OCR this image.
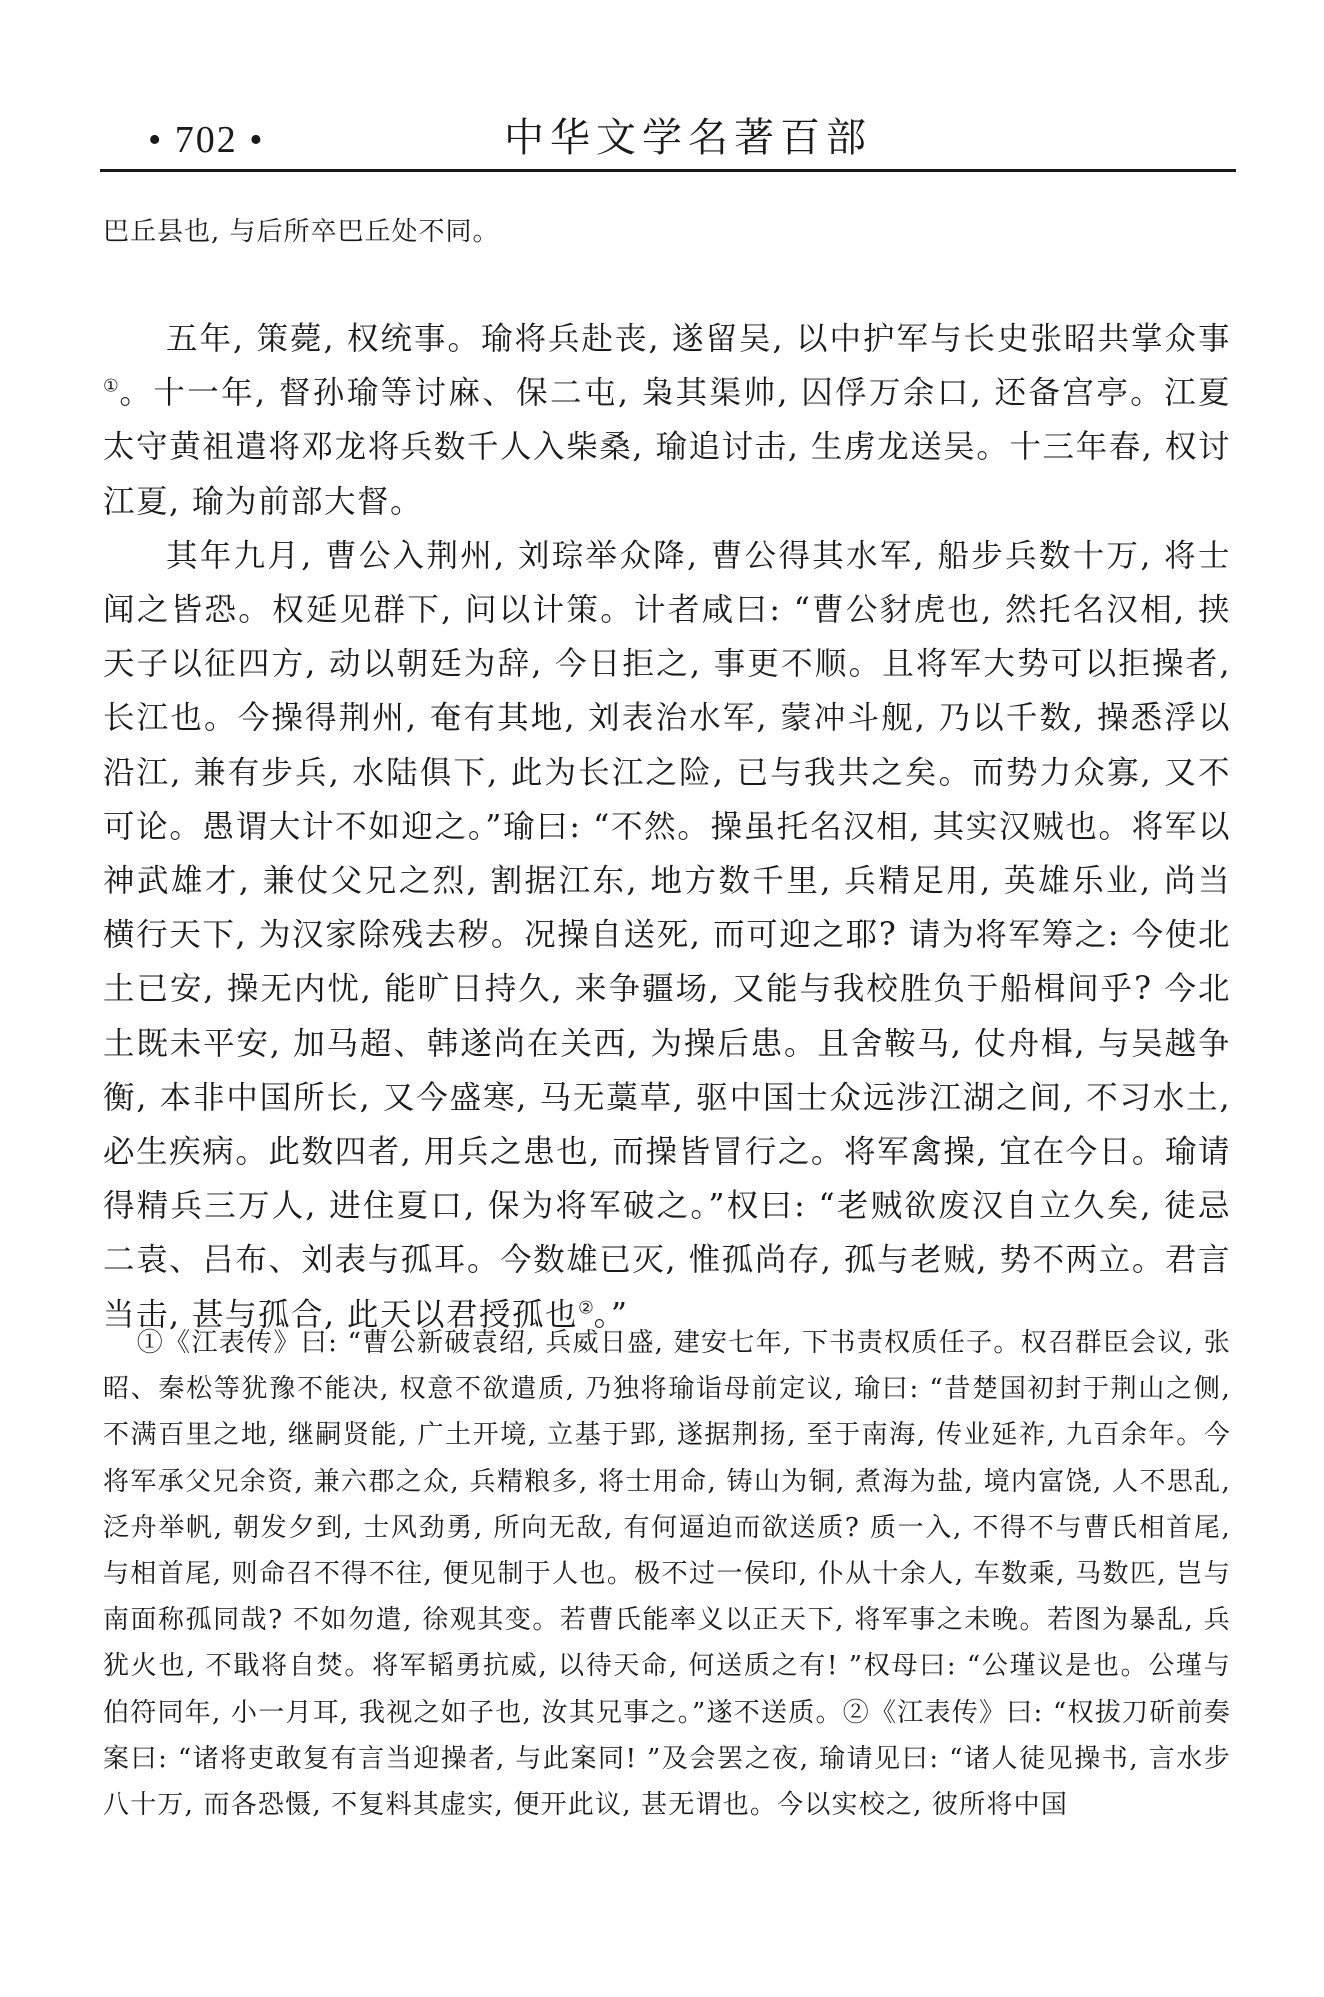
• 702 •	中华文学名著百部
巴丘县也, 与后所卒巴丘处不同。

五年, 策薨, 权统事。瑜将兵赴丧, 遂留吴, 以中护军与长史张昭共掌众事①。十一年, 督孙瑜等讨麻、保二屯, 枭其渠帅, 囚俘万余口, 还备宫亭。江夏太守黄祖遣将邓龙将兵数千人入柴桑, 瑜追讨击, 生虏龙送吴。十三年春, 权讨江夏, 瑜为前部大督。

其年九月, 曹公入荆州, 刘琮举众降, 曹公得其水军, 船步兵数十万, 将士闻之皆恐。权延见群下, 问以计策。计者咸曰: “曹公豺虎也, 然托名汉相, 挟天子以征四方, 动以朝廷为辞, 今日拒之, 事更不顺。且将军大势可以拒操者, 长江也。今操得荆州, 奄有其地, 刘表治水军, 蒙冲斗舰, 乃以千数, 操悉浮以沿江, 兼有步兵, 水陆俱下, 此为长江之险, 已与我共之矣。而势力众寡, 又不可论。愚谓大计不如迎之。”瑜曰: “不然。操虽托名汉相, 其实汉贼也。将军以神武雄才, 兼仗父兄之烈, 割据江东, 地方数千里, 兵精足用, 英雄乐业, 尚当横行天下, 为汉家除残去秽。况操自送死, 而可迎之耶? 请为将军筹之: 今使北土已安, 操无内忧, 能旷日持久, 来争疆场, 又能与我校胜负于船楫间乎? 今北土既未平安, 加马超、韩遂尚在关西, 为操后患。且舍鞍马, 仗舟楫, 与吴越争衡, 本非中国所长, 又今盛寒, 马无藁草, 驱中国士众远涉江湖之间, 不习水土, 必生疾病。此数四者, 用兵之患也, 而操皆冒行之。将军禽操, 宜在今日。瑜请得精兵三万人, 进住夏口, 保为将军破之。”权曰: “老贼欲废汉自立久矣, 徒忌二袁、吕布、刘表与孤耳。今数雄已灭, 惟孤尚存, 孤与老贼, 势不两立。君言当击, 甚与孤合, 此天以君授孤也②。”

①《江表传》曰: “曹公新破袁绍, 兵威日盛, 建安七年, 下书责权质任子。权召群臣会议, 张昭、秦松等犹豫不能决, 权意不欲遣质, 乃独将瑜诣母前定议, 瑜曰: “昔楚国初封于荆山之侧, 不满百里之地, 继嗣贤能, 广土开境, 立基于郢, 遂据荆扬, 至于南海, 传业延祚, 九百余年。今将军承父兄余资, 兼六郡之众, 兵精粮多, 将士用命, 铸山为铜, 煮海为盐, 境内富饶, 人不思乱, 泛舟举帆, 朝发夕到, 士风劲勇, 所向无敌, 有何逼迫而欲送质? 质一入, 不得不与曹氏相首尾, 与相首尾, 则命召不得不往, 便见制于人也。极不过一侯印, 仆从十余人, 车数乘, 马数匹, 岂与南面称孤同哉? 不如勿遣, 徐观其变。若曹氏能率义以正天下, 将军事之未晚。若图为暴乱, 兵犹火也, 不戢将自焚。将军韬勇抗威, 以待天命, 何送质之有! ”权母曰: “公瑾议是也。公瑾与伯符同年, 小一月耳, 我视之如子也, 汝其兄事之。”遂不送质。②《江表传》曰: “权拔刀斫前奏案曰: “诸将吏敢复有言当迎操者, 与此案同! ”及会罢之夜, 瑜请见曰: “诸人徒见操书, 言水步八十万, 而各恐慑, 不复料其虚实, 便开此议, 甚无谓也。今以实校之, 彼所将中国
